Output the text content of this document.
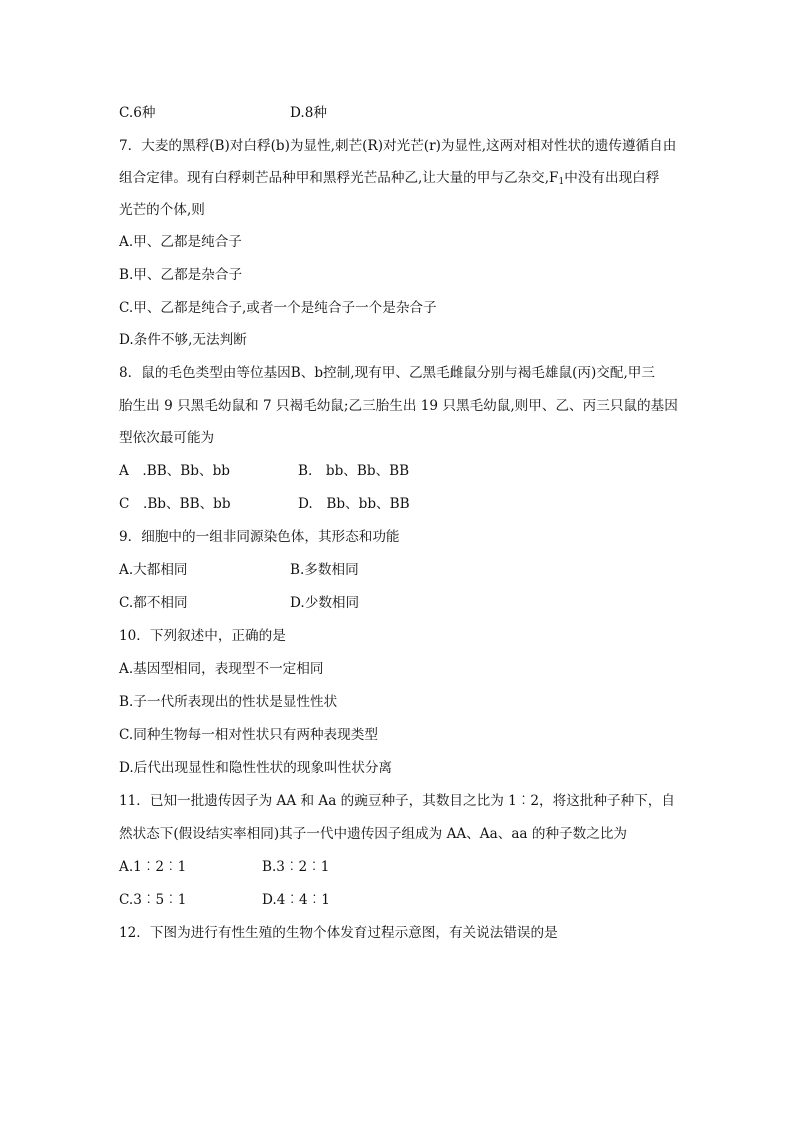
C.6种	D.8种
7．大麦的黑稃(B)对白稃(b)为显性,刺芒(R)对光芒(r)为显性,这两对相对性状的遗传遵循自由
组合定律。现有白稃刺芒品种甲和黑稃光芒品种乙,让大量的甲与乙杂交$,F_1$中没有出现白稃
光芒的个体,则
A.甲、乙都是纯合子
B.甲、乙都是杂合子
C.甲、乙都是纯合子,或者一个是纯合子一个是杂合子
D.条件不够,无法判断
8．鼠的毛色类型由等位基因B、b控制,现有甲、乙黑毛雌鼠分别与褐毛雄鼠(丙)交配,甲三
胎生出 9 只黑毛幼鼠和 7 只褐毛幼鼠;乙三胎生出 19 只黑毛幼鼠,则甲、乙、丙三只鼠的基因
型依次最可能为
A　.BB、Bb、bb	B.　bb、Bb、BB
C　.Bb、BB、bb	D.　Bb、bb、BB
9．细胞中的一组非同源染色体，其形态和功能
A.大都相同	B.多数相同
C.都不相同	D.少数相同
10．下列叙述中，正确的是
A.基因型相同，表现型不一定相同
B.子一代所表现出的性状是显性性状
C.同种生物每一相对性状只有两种表现类型
D.后代出现显性和隐性性状的现象叫性状分离
11．已知一批遗传因子为 AA 和 Aa 的豌豆种子，其数目之比为 1︰2，将这批种子种下，自
然状态下(假设结实率相同)其子一代中遗传因子组成为 AA、Aa、aa 的种子数之比为
A.1︰2︰1	B.3︰2︰1
C.3︰5︰1	D.4︰4︰1
12．下图为进行有性生殖的生物个体发育过程示意图，有关说法错误的是
